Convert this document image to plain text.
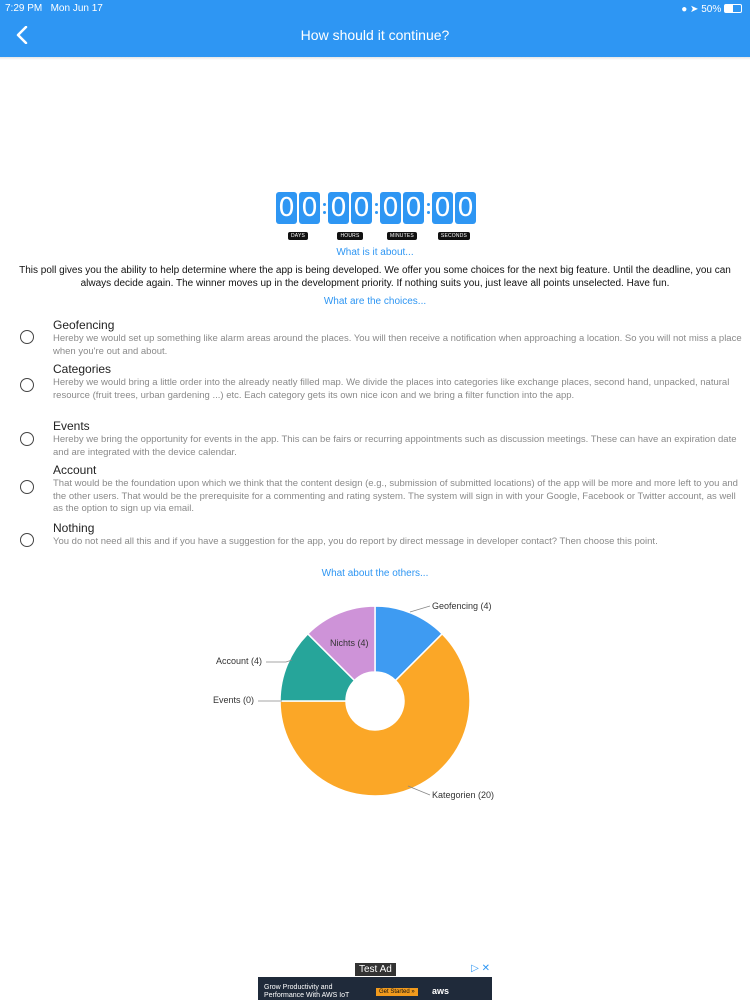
7:29 PM Mon Jun 17	● ➤ 50%
How should it continue?
0 0
DAYS
0 0
HOURS
0 0
MINUTES
0 0
SECONDS
What is it about...
This poll gives you the ability to help determine where the app is being developed. We offer you some choices for the next big feature. Until the deadline, you can always decide again. The winner moves up in the development priority. If nothing suits you, just leave all points unselected. Have fun.
What are the choices...
Geofencing
Hereby we would set up something like alarm areas around the places. You will then receive a notification when approaching a location. So you will not miss a place when you're out and about.
Categories
Hereby we would bring a little order into the already neatly filled map. We divide the places into categories like exchange places, second hand, unpacked, natural resource (fruit trees, urban gardening ...) etc. Each category gets its own nice icon and we bring a filter function into the app.
Events
Hereby we bring the opportunity for events in the app. This can be fairs or recurring appointments such as discussion meetings. These can have an expiration date and are integrated with the device calendar.
Account
That would be the foundation upon which we think that the content design (e.g., submission of submitted locations) of the app will be more and more left to you and the other users. That would be the prerequisite for a commenting and rating system. The system will sign in with your Google, Facebook or Twitter account, as well as the option to sign up via email.
Nothing
You do not need all this and if you have a suggestion for the app, you do report by direct message in developer contact? Then choose this point.
What about the others...
Geofencing (4)
Kategorien (20)
Events (0)
Account (4)
Nichts (4)
Test Ad	▷ ✕
Grow Productivity and
Performance With AWS IoT	Get Started »	aws
